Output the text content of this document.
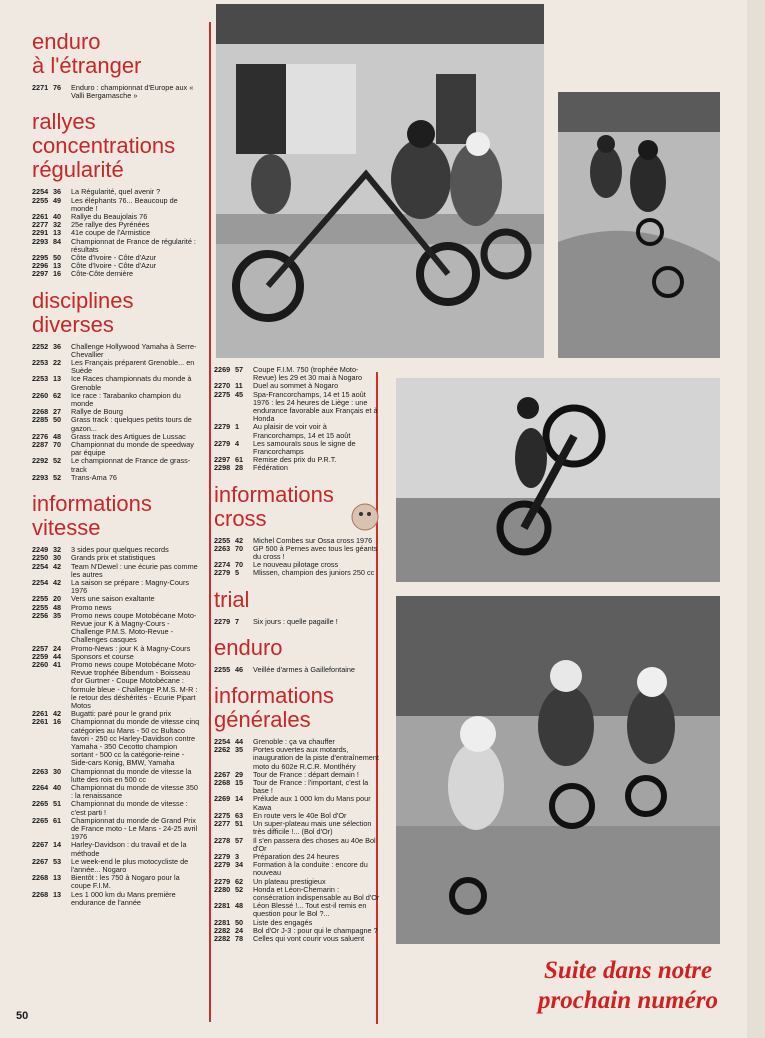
enduro
à l'étranger
2271 76	Enduro : championnat d'Europe aux « Valli Bergamasche »
rallyes
concentrations
régularité
2254 36	La Régularité, quel avenir ?
2255 49	Les éléphants 76... Beaucoup de monde !
2261 40	Rallye du Beaujolais 76
2277 32	25e rallye des Pyrénées
2291 13	41e coupe de l'Armistice
2293 84	Championnat de France de régularité : résultats
2295 50	Côte d'Ivoire - Côte d'Azur
2296 13	Côte d'Ivoire - Côte d'Azur
2297 16	Côte-Côte dernière
disciplines
diverses
2252 36	Challenge Hollywood Yamaha à Serre-Chevallier
2253 22	Les Français préparent Grenoble... en Suède
2253 13	Ice Races championnats du monde à Grenoble
2260 62	Ice race : Tarabanko champion du monde
2268 27	Rallye de Bourg
2285 50	Grass track : quelques petits tours de gazon...
2276 48	Grass track des Artigues de Lussac
2287 70	Championnat du monde de speedway par équipe
2292 52	Le championnat de France de grass-track
2293 52	Trans-Ama 76
informations
vitesse
2249 32	3 sides pour quelques records
2250 30	Grands prix et statistiques
2254 42	Team N'Dewel : une écurie pas comme les autres
2254 42	La saison se prépare : Magny-Cours 1976
2255 20	Vers une saison exaltante
2255 48	Promo news
2256 35	Promo news coupe Motobécane Moto-Revue jour K à Magny-Cours - Challenge P.M.S. Moto-Revue - Challenges casques
2257 24	Promo-News : jour K à Magny-Cours
2259 44	Sponsors et course
2260 41	Promo news coupe Motobécane Moto-Revue trophée Bibendum - Boisseau d'or Gurtner - Coupe Motobécane : formule bleue - Challenge P.M.S. M-R : le retour des déshérités - Ecurie Pipart Motos
2261 42	Bugatti: paré pour le grand prix
2261 16	Championnat du monde de vitesse cinq catégories au Mans - 50 cc Bultaco favori - 250 cc Harley-Davidson contre Yamaha - 350 Cecotto champion sortant - 500 cc la catégorie-reine - Side-cars Konig, BMW, Yamaha
2263 30	Championnat du monde de vitesse la lutte des rois en 500 cc
2264 40	Championnat du monde de vitesse 350 : la renaissance
2265 51	Championnat du monde de vitesse : c'est parti !
2265 61	Championnat du monde de Grand Prix de France moto - Le Mans - 24-25 avril 1976
2267 14	Harley-Davidson : du travail et de la méthode
2267 53	Le week-end le plus motocycliste de l'année... Nogaro
2268 13	Bientôt : les 750 à Nogaro pour la coupe F.I.M.
2268 13	Les 1 000 km du Mans première endurance de l'année
2269 57	Coupe F.I.M. 750 (trophée Moto-Revue) les 29 et 30 mai à Nogaro
2270 11	Duel au sommet à Nogaro
2275 45	Spa-Francorchamps, 14 et 15 août 1976 : les 24 heures de Liège : une endurance favorable aux Français et à Honda
2279 1	Au plaisir de voir voir à Francorchamps, 14 et 15 août
2279 4	Les samouraïs sous le signe de Francorchamps
2297 61	Remise des prix du P.R.T.
2298 28	Fédération
informations
cross
2255 42	Michel Combes sur Ossa cross 1976
2263 70	GP 500 à Pernes avec tous les géants du cross !
2274 70	Le nouveau pilotage cross
2279 5	Mlissen, champion des juniors 250 cc
trial
2279 7	Six jours : quelle pagaille !
enduro
2255 46	Veillée d'armes à Gaillefontaine
informations
générales
2254 44	Grenoble : ça va chauffer
2262 35	Portes ouvertes aux motards, inauguration de la piste d'entraînement moto du 602e R.C.R. Montlhéry
2267 29	Tour de France : départ demain !
2268 15	Tour de France : l'important, c'est la base !
2269 14	Prélude aux 1 000 km du Mans pour Kawa
2275 63	En route vers le 40e Bol d'Or
2277 51	Un super-plateau mais une sélection très difficile !... (Bol d'Or)
2278 57	Il s'en passera des choses au 40e Bol d'Or
2279 3	Préparation des 24 heures
2279 34	Formation à la conduite : encore du nouveau
2279 62	Un plateau prestigieux
2280 52	Honda et Léon-Chemarin : consécration indispensable au Bol d'Or
2281 48	Léon Blessé !... Tout est-il remis en question pour le Bol ?...
2281 50	Liste des engagés
2282 24	Bol d'Or J-3 : pour qui le champagne ?
2282 78	Celles qui vont courir vous saluent
Suite dans notre
prochain numéro
50
